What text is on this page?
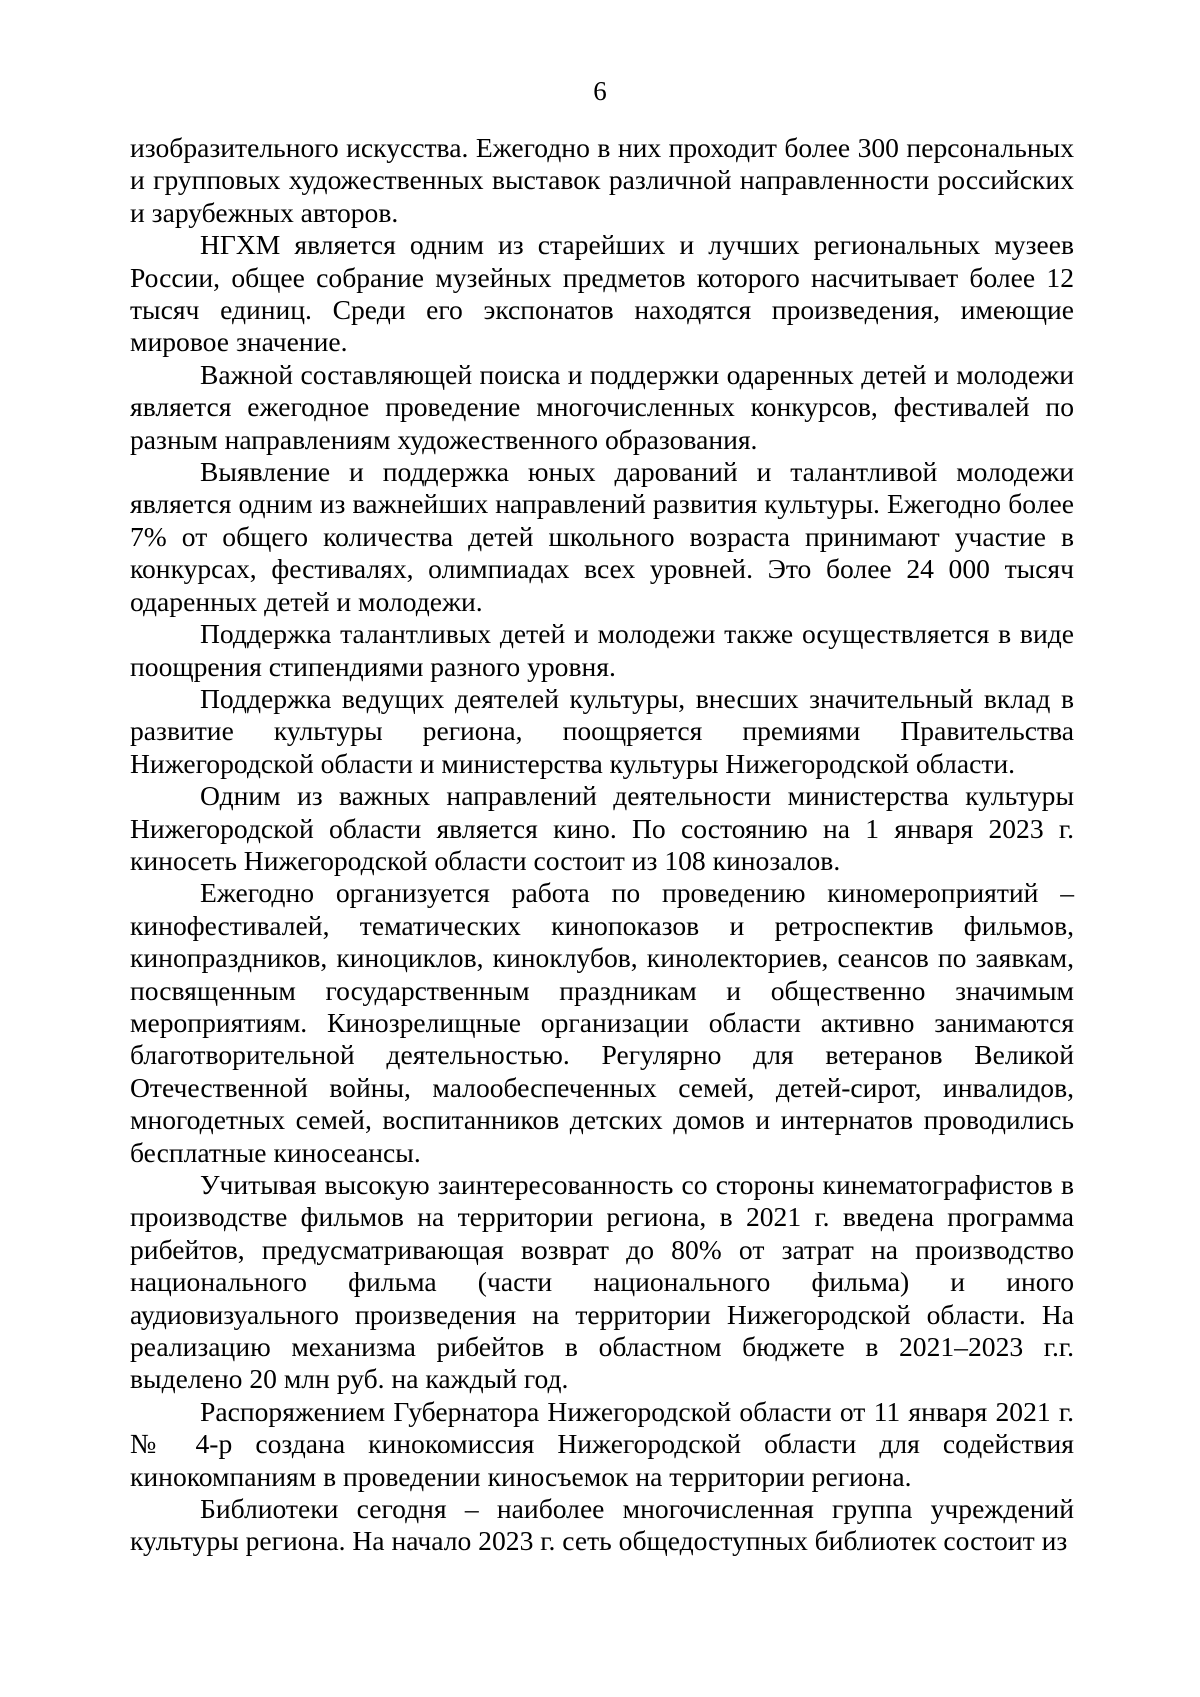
6

изобразительного искусства. Ежегодно в них проходит более 300 персональных и групповых художественных выставок различной направленности российских и зарубежных авторов.

НГХМ является одним из старейших и лучших региональных музеев России, общее собрание музейных предметов которого насчитывает более 12 тысяч единиц. Среди его экспонатов находятся произведения, имеющие мировое значение.

Важной составляющей поиска и поддержки одаренных детей и молодежи является ежегодное проведение многочисленных конкурсов, фестивалей по разным направлениям художественного образования.

Выявление и поддержка юных дарований и талантливой молодежи является одним из важнейших направлений развития культуры. Ежегодно более 7% от общего количества детей школьного возраста принимают участие в конкурсах, фестивалях, олимпиадах всех уровней. Это более 24 000 тысяч одаренных детей и молодежи.

Поддержка талантливых детей и молодежи также осуществляется в виде поощрения стипендиями разного уровня.

Поддержка ведущих деятелей культуры, внесших значительный вклад в развитие культуры региона, поощряется премиями Правительства Нижегородской области и министерства культуры Нижегородской области.

Одним из важных направлений деятельности министерства культуры Нижегородской области является кино. По состоянию на 1 января 2023 г. киносеть Нижегородской области состоит из 108 кинозалов.

Ежегодно организуется работа по проведению киномероприятий – кинофестивалей, тематических кинопоказов и ретроспектив фильмов, кинопраздников, киноциклов, киноклубов, кинолекториев, сеансов по заявкам, посвященным государственным праздникам и общественно значимым мероприятиям. Кинозрелищные организации области активно занимаются благотворительной деятельностью. Регулярно для ветеранов Великой Отечественной войны, малообеспеченных семей, детей-сирот, инвалидов, многодетных семей, воспитанников детских домов и интернатов проводились бесплатные киносеансы.

Учитывая высокую заинтересованность со стороны кинематографистов в производстве фильмов на территории региона, в 2021 г. введена программа рибейтов, предусматривающая возврат до 80% от затрат на производство национального фильма (части национального фильма) и иного аудиовизуального произведения на территории Нижегородской области. На реализацию механизма рибейтов в областном бюджете в 2021–2023 г.г. выделено 20 млн руб. на каждый год.

Распоряжением Губернатора Нижегородской области от 11 января 2021 г. № 4-р создана кинокомиссия Нижегородской области для содействия кинокомпаниям в проведении киносъемок на территории региона.

Библиотеки сегодня – наиболее многочисленная группа учреждений культуры региона. На начало 2023 г. сеть общедоступных библиотек состоит из
